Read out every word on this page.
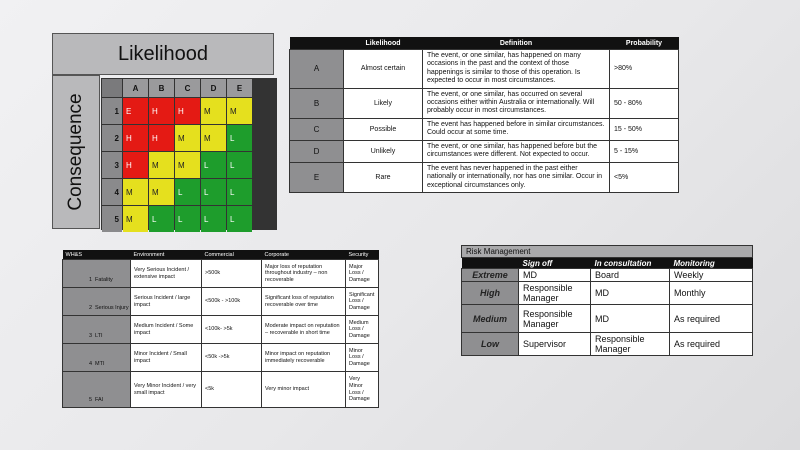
Likelihood
Consequence
A	B	C	D	E
1 E	H	H	M	M
2 H	H	M	M	L
3 H	M	M	L	L
4 M	M	L	L	L
5 M	L	L	L	L
	Likelihood	Definition	Probability
A	Almost certain	The event, or one similar, has happened on many occasions in the past and the context of those happenings is similar to those of this operation. Is expected to occur in most circumstances.	>80%
B	Likely	The event, or one similar, has occurred on several occasions either within Australia or internationally. Will probably occur in most circumstances.	50 - 80%
C	Possible	The event has happened before in similar circumstances. Could occur at some time.	15 - 50%
D	Unlikely	The event, or one similar, has happened before but the circumstances were different. Not expected to occur.	5 - 15%
E	Rare	The event has never happened in the past either nationally or internationally, nor has one similar. Occur in exceptional circumstances only.	<5%
WH&S	Environment	Commercial	Corporate	Security

1 Fatality	Very Serious Incident / extensive impact	>500k	Major loss of reputation throughout industry – non recoverable	Major Loss / Damage

2 Serious Injury	Serious Incident / large impact	<500k - >100k	Significant loss of reputation recoverable over time	Significant Loss / Damage

3 LTI	Medium Incident / Some impact	<100k- >5k	Moderate impact on reputation – recoverable in short time	Medium Loss / Damage

4 MTI	Minor Incident / Small impact	<50k ->5k	Minor impact on reputation immediately recoverable	Minor Loss / Damage

5 FAI	Very Minor Incident / very small impact	<5k	Very minor impact	Very Minor Loss / Damage
Risk Management			
	Sign off	In consultation	Monitoring
Extreme	MD	Board	Weekly
High	Responsible Manager	MD	Monthly
Medium	Responsible Manager	MD	As required
Low	Supervisor	Responsible Manager	As required
